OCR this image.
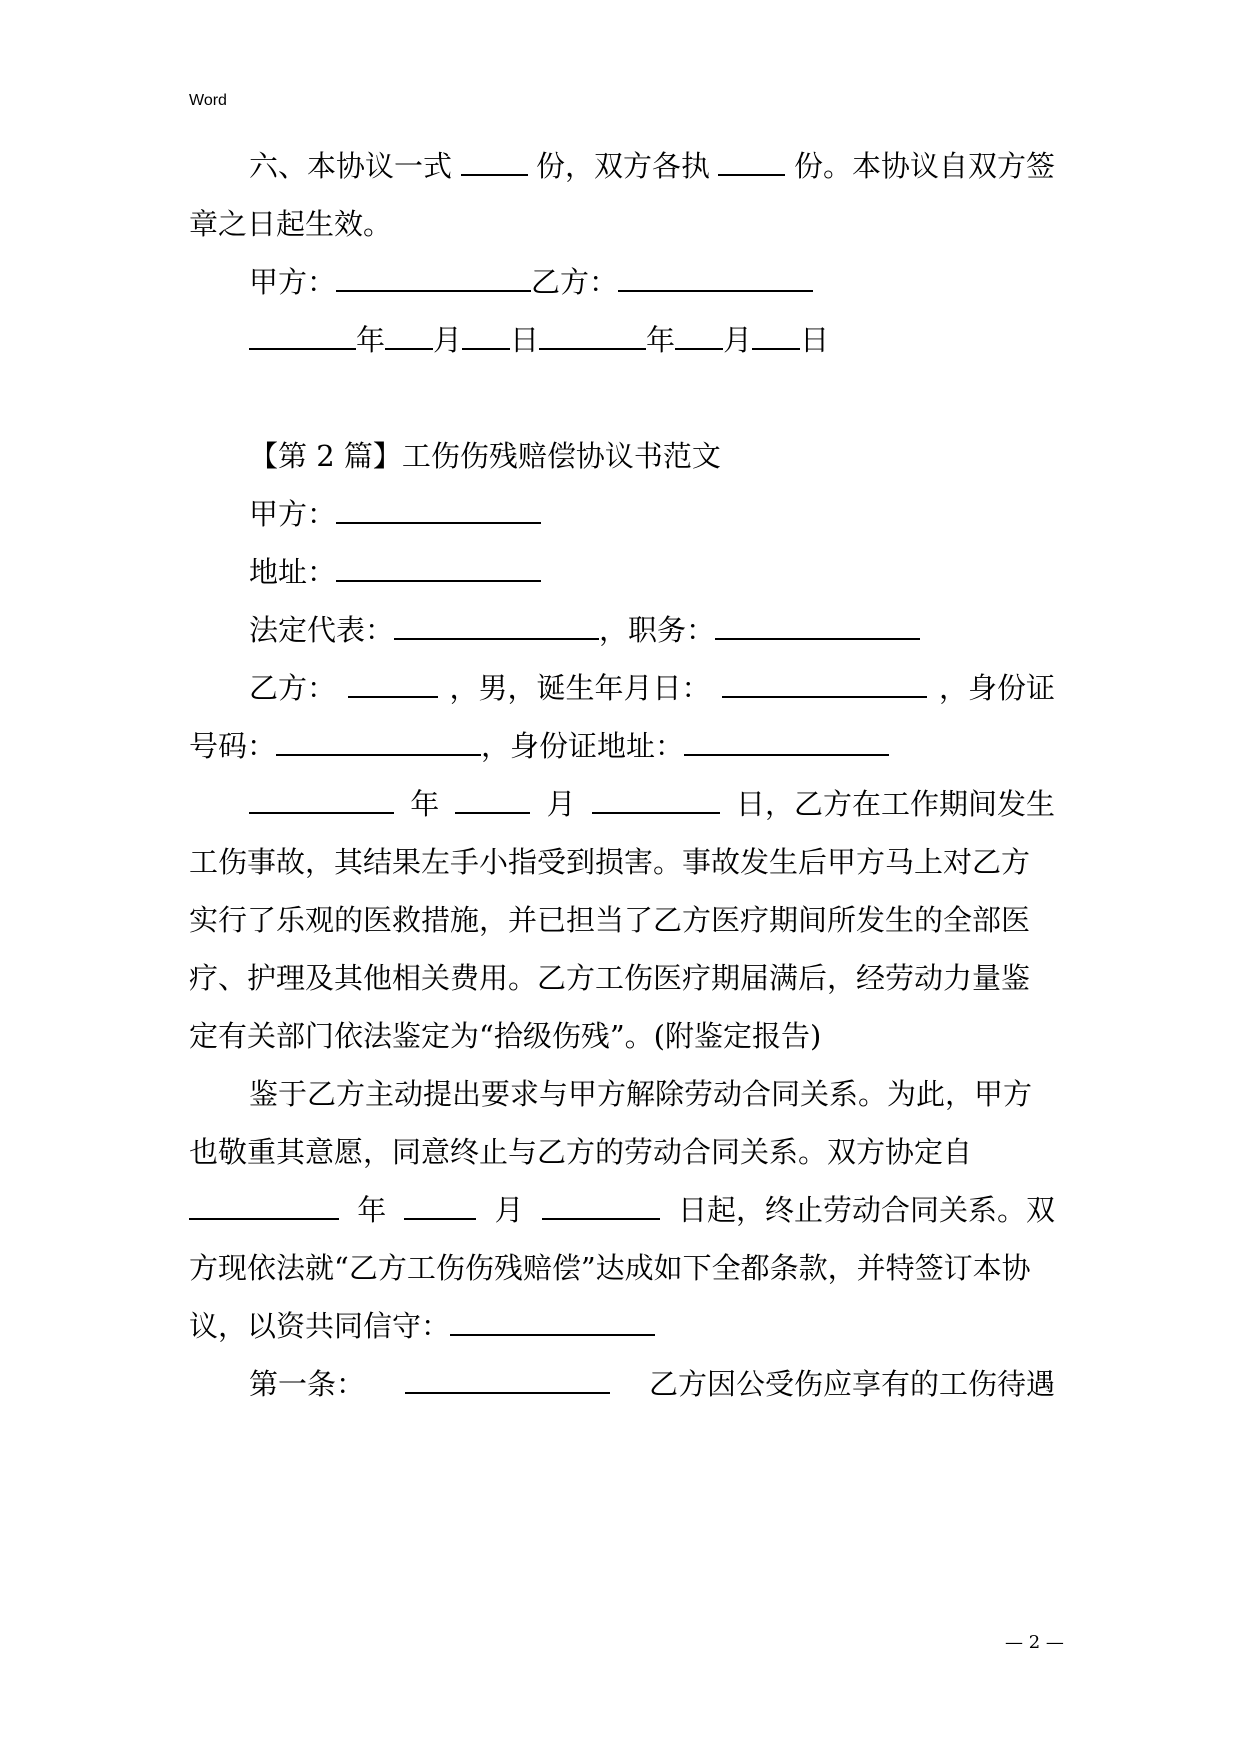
Word
六、本协议一式	份，双方各执	份。本协议自双方签
章之日起生效。
甲方：	乙方：
年 月 日	年 月 日
【第 2 篇】工伤伤残赔偿协议书范文
甲方：
地址：
法定代表：	，职务：
乙方：	，男，诞生年月日：	，身份证
号码：	，身份证地址：
年	月	日，乙方在工作期间发生
工伤事故，其结果左手小指受到损害。事故发生后甲方马上对乙方
实行了乐观的医救措施，并已担当了乙方医疗期间所发生的全部医
疗、护理及其他相关费用。乙方工伤医疗期届满后，经劳动力量鉴
定有关部门依法鉴定为“拾级伤残”。(附鉴定报告)
鉴于乙方主动提出要求与甲方解除劳动合同关系。为此，甲方
也敬重其意愿，同意终止与乙方的劳动合同关系。双方协定自
年	月	日起，终止劳动合同关系。双
方现依法就“乙方工伤伤残赔偿”达成如下全都条款，并特签订本协
议，以资共同信守：
第一条：	乙方因公受伤应享有的工伤待遇
— 2 —
